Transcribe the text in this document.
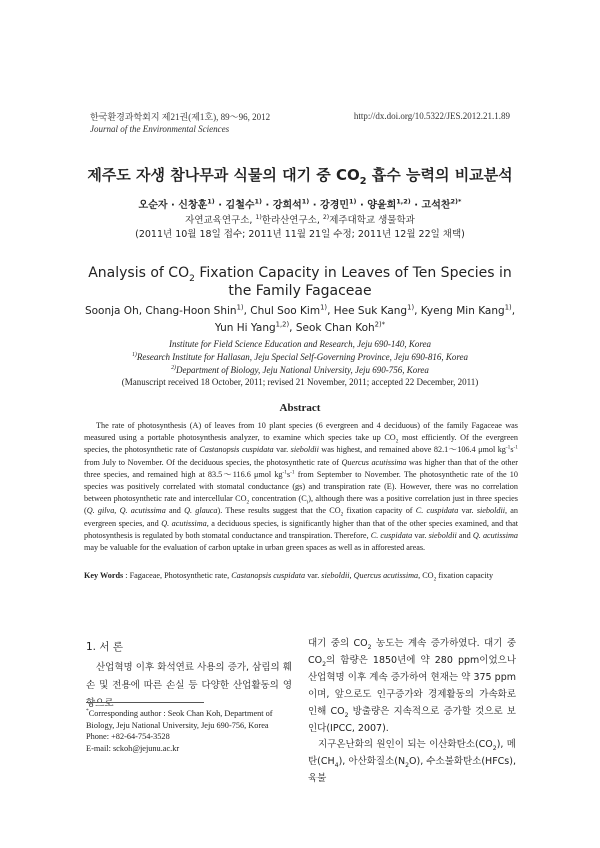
한국환경과학회지 제21권(제1호), 89～96, 2012
Journal of the Environmental Sciences
http://dx.doi.org/10.5322/JES.2012.21.1.89
제주도 자생 참나무과 식물의 대기 중 $CO_2$ 흡수 능력의 비교분석
오순자 · 신창훈$^{1)}$ · 김철수$^{1)}$ · 강희석$^{1)}$ · 강경민$^{1)}$ · 양윤희$^{1,2)}$ · 고석찬$^{2)*}$
자연교육연구소, $^{1)}$한라산연구소, $^{2)}$제주대학교 생물학과
(2011년 10월 18일 접수; 2011년 11월 21일 수정; 2011년 12월 22일 채택)
Analysis of $CO_2$ Fixation Capacity in Leaves of Ten Species in the Family Fagaceae
Soonja Oh, Chang-Hoon Shin$^{1)}$, Chul Soo Kim$^{1)}$, Hee Suk Kang$^{1)}$, Kyeng Min Kang$^{1)}$,
Yun Hi Yang$^{1,2)}$, Seok Chan Koh$^{2)*}$
Institute for Field Science Education and Research, Jeju 690-140, Korea
$^{1)}$Research Institute for Hallasan, Jeju Special Self-Governing Province, Jeju 690-816, Korea
$^{2)}$Department of Biology, Jeju National University, Jeju 690-756, Korea
(Manuscript received 18 October, 2011; revised 21 November, 2011; accepted 22 December, 2011)
Abstract
The rate of photosynthesis (A) of leaves from 10 plant species (6 evergreen and 4 deciduous) of the family Fagaceae was measured using a portable photosynthesis analyzer, to examine which species take up $CO_2$ most efficiently. Of the evergreen species, the photosynthetic rate of Castanopsis cuspidata var. sieboldii was highest, and remained above 82.1～106.4 μmol $kg^{-1}s^{-1}$ from July to November. Of the deciduous species, the photosynthetic rate of Quercus acutissima was higher than that of the other three species, and remained high at 83.5～116.6 μmol $kg^{-1}s^{-1}$ from September to November. The photosynthetic rate of the 10 species was positively correlated with stomatal conductance (gs) and transpiration rate (E). However, there was no correlation between photosynthetic rate and intercellular $CO_2$ concentration $(C_i)$, although there was a positive correlation just in three species (Q. gilva, Q. acutissima and Q. glauca). These results suggest that the $CO_2$ fixation capacity of C. cuspidata var. sieboldii, an evergreen species, and Q. acutissima, a deciduous species, is significantly higher than that of the other species examined, and that photosynthesis is regulated by both stomatal conductance and transpiration. Therefore, C. cuspidata var. sieboldii and Q. acutissima may be valuable for the evaluation of carbon uptake in urban green spaces as well as in afforested areas.
Key Words : Fagaceae, Photosynthetic rate, Castanopsis cuspidata var. sieboldii, Quercus acutissima, $CO_2$ fixation capacity
1. 서 론
산업혁명 이후 화석연료 사용의 증가, 삼림의 훼손 및 전용에 따른 손실 등 다양한 산업활동의 영향으로
*Corresponding author : Seok Chan Koh, Department of Biology, Jeju National University, Jeju 690-756, Korea
Phone: +82-64-754-3528
E-mail: sckoh@jejunu.ac.kr
대기 중의 $CO_2$ 농도는 계속 증가하였다. 대기 중 $CO_2$의 함량은 1850년에 약 280 ppm이었으나 산업혁명 이후 계속 증가하여 현재는 약 375 ppm이며, 앞으로도 인구증가와 경제활동의 가속화로 인해 $CO_2$ 방출량은 지속적으로 증가할 것으로 보인다(IPCC, 2007).
지구온난화의 원인이 되는 이산화탄소$(CO_2)$, 메탄$(CH_4)$, 아산화질소$(N_2O)$, 수소불화탄소(HFCs), 육불
